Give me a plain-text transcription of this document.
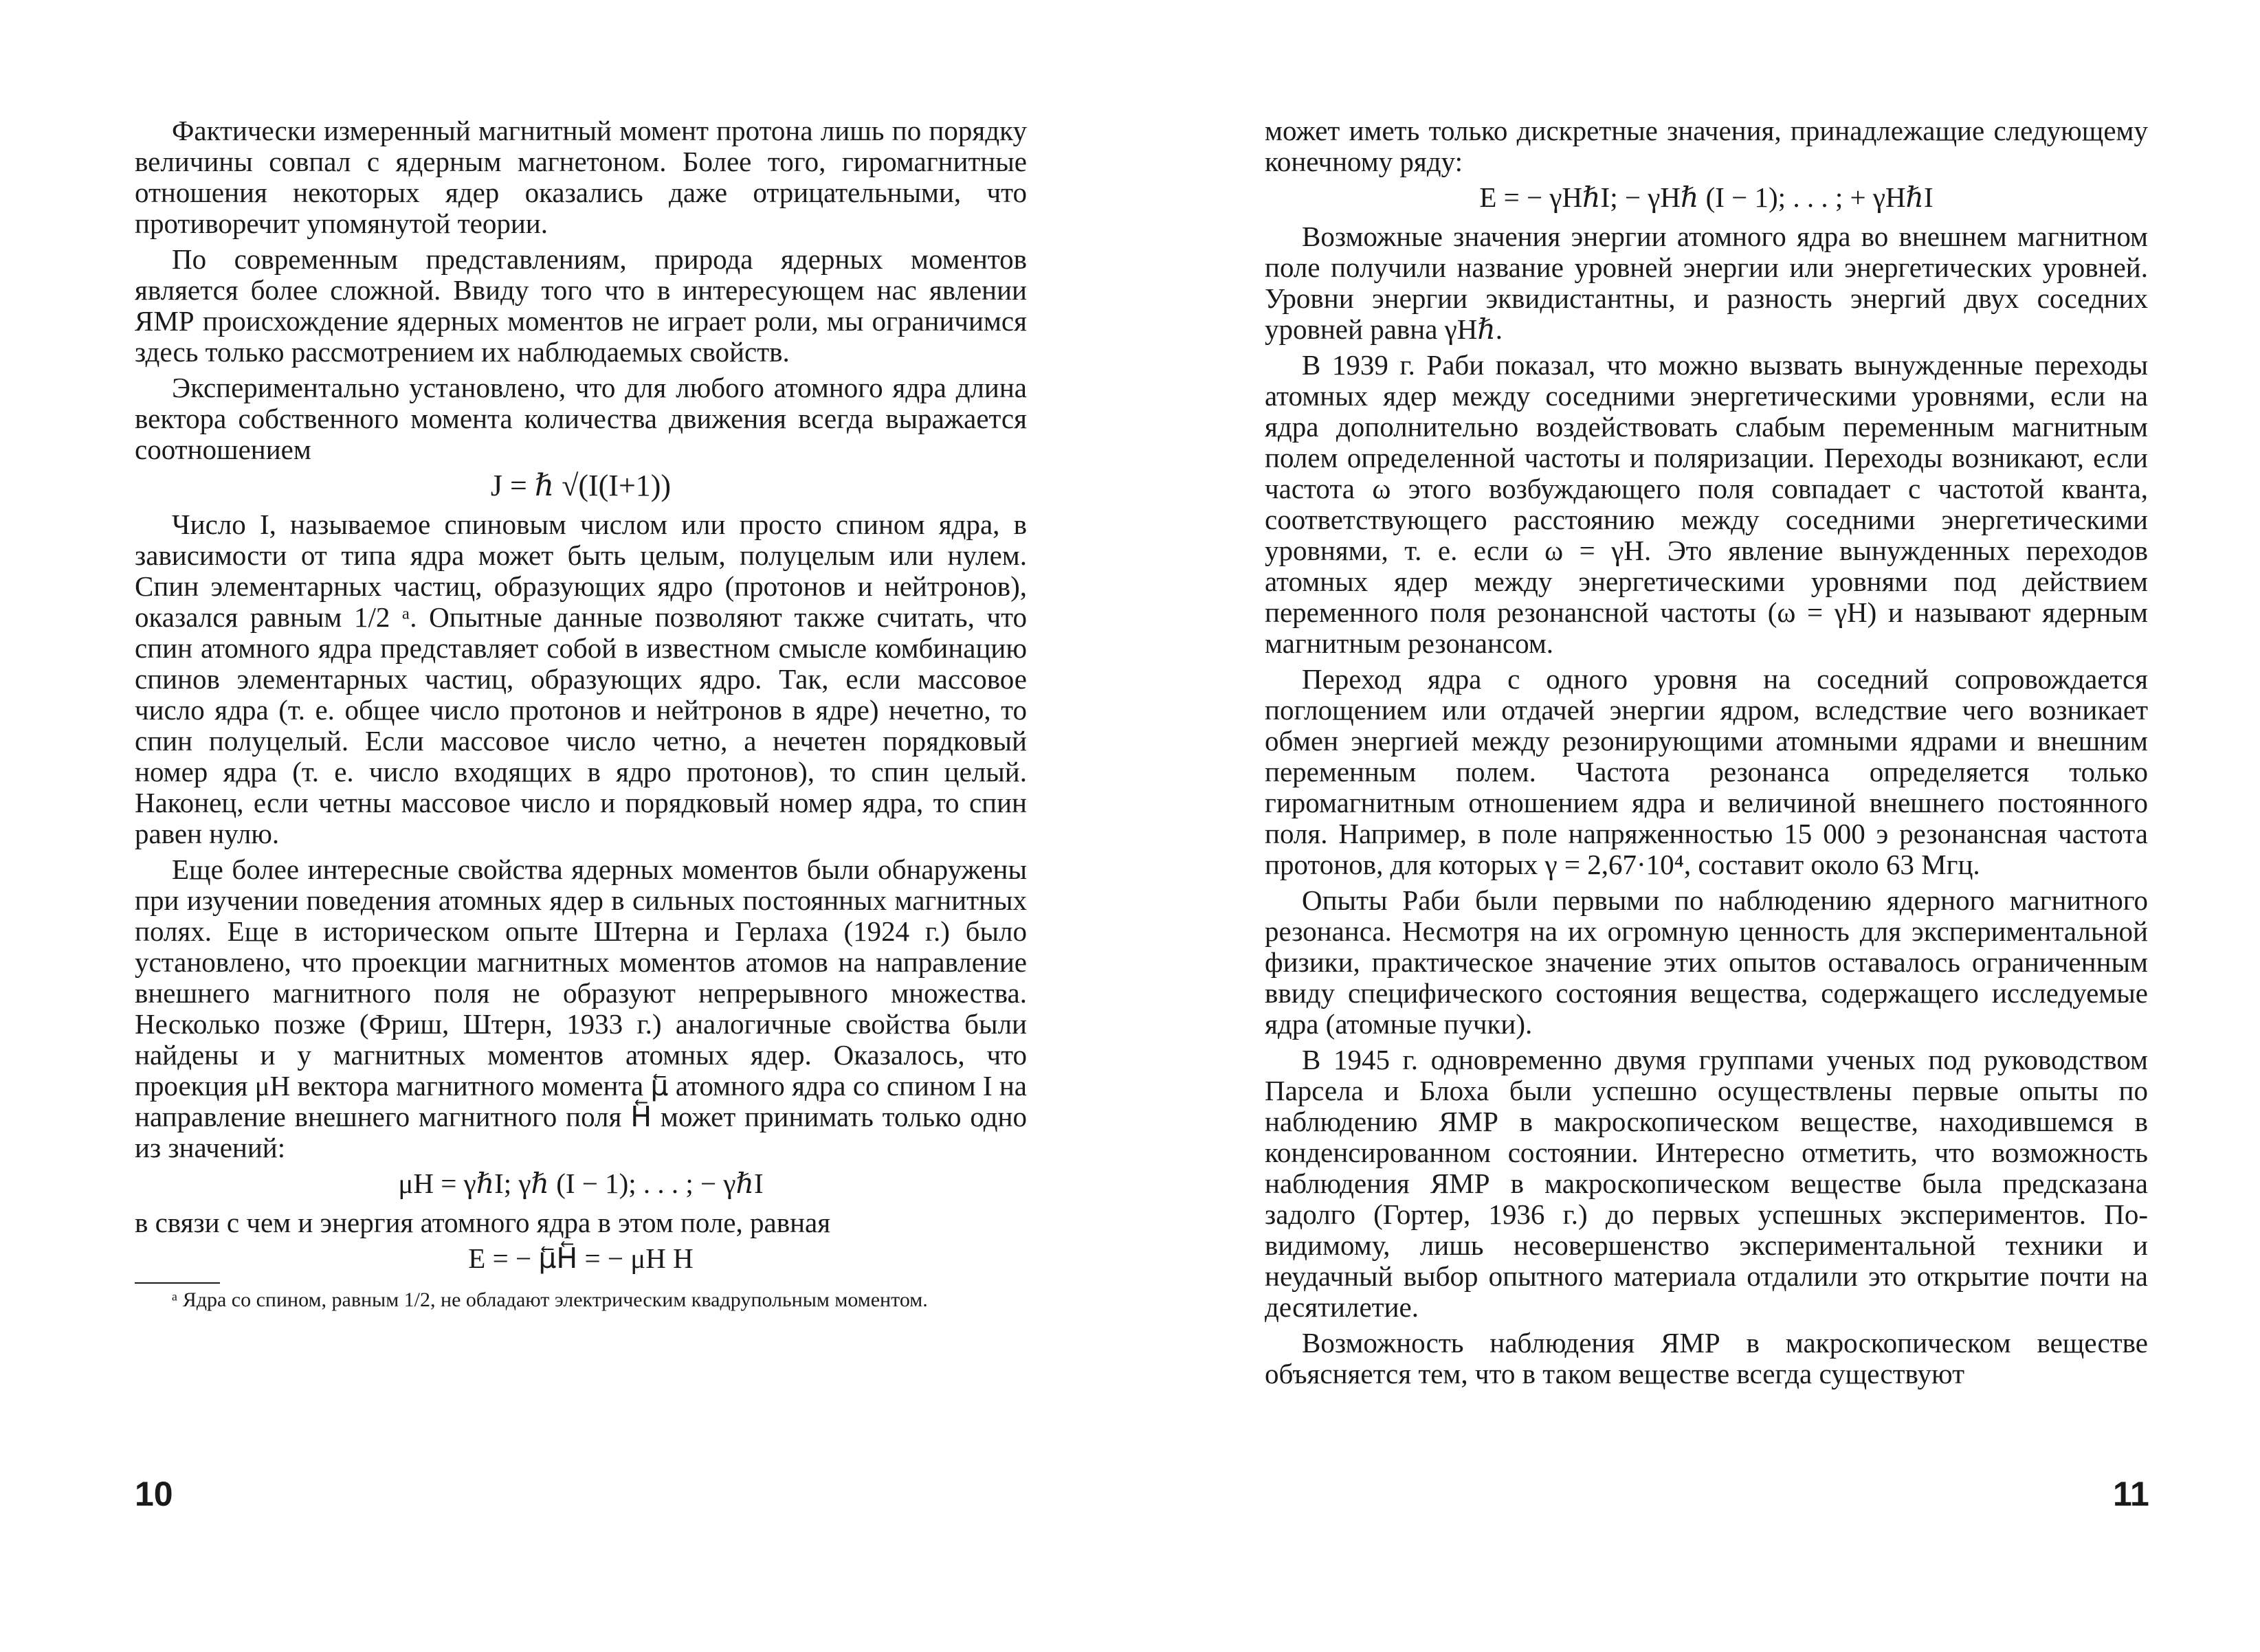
Фактически измеренный магнитный момент протона лишь по порядку величины совпал с ядерным магнетоном. Более того, гиромагнитные отношения некоторых ядер оказались даже отрицательными, что противоречит упомянутой теории.

По современным представлениям, природа ядерных моментов является более сложной. Ввиду того что в интересующем нас явлении ЯМР происхождение ядерных моментов не играет роли, мы ограничимся здесь только рассмотрением их наблюдаемых свойств.

Экспериментально установлено, что для любого атомного ядра длина вектора собственного момента количества движения всегда выражается соотношением

J = ℏ √(I(I+1))

Число I, называемое спиновым числом или просто спином ядра, в зависимости от типа ядра может быть целым, полуцелым или нулем. Спин элементарных частиц, образующих ядро (протонов и нейтронов), оказался равным 1/2 ᵃ. Опытные данные позволяют также считать, что спин атомного ядра представляет собой в известном смысле комбинацию спинов элементарных частиц, образующих ядро. Так, если массовое число ядра (т. е. общее число протонов и нейтронов в ядре) нечетно, то спин полуцелый. Если массовое число четно, а нечетен порядковый номер ядра (т. е. число входящих в ядро протонов), то спин целый. Наконец, если четны массовое число и порядковый номер ядра, то спин равен нулю.

Еще более интересные свойства ядерных моментов были обнаружены при изучении поведения атомных ядер в сильных постоянных магнитных полях. Еще в историческом опыте Штерна и Герлаха (1924 г.) было установлено, что проекции магнитных моментов атомов на направление внешнего магнитного поля не образуют непрерывного множества. Несколько позже (Фриш, Штерн, 1933 г.) аналогичные свойства были найдены и у магнитных моментов атомных ядер. Оказалось, что проекция μH вектора магнитного момента μ⃖ атомного ядра со спином I на направление внешнего магнитного поля H⃖ может принимать только одно из значений:

μH = γℏI; γℏ (I − 1); . . . ; − γℏI

в связи с чем и энергия атомного ядра в этом поле, равная

E = − μ⃖H⃖ = − μH H

ᵃ Ядра со спином, равным 1/2, не обладают электрическим квадрупольным моментом.

10

может иметь только дискретные значения, принадлежащие следующему конечному ряду:

E = − γHℏI; − γHℏ (I − 1); . . . ; + γHℏI

Возможные значения энергии атомного ядра во внешнем магнитном поле получили название уровней энергии или энергетических уровней. Уровни энергии эквидистантны, и разность энергий двух соседних уровней равна γHℏ.

В 1939 г. Раби показал, что можно вызвать вынужденные переходы атомных ядер между соседними энергетическими уровнями, если на ядра дополнительно воздействовать слабым переменным магнитным полем определенной частоты и поляризации. Переходы возникают, если частота ω этого возбуждающего поля совпадает с частотой кванта, соответствующего расстоянию между соседними энергетическими уровнями, т. е. если ω = γH. Это явление вынужденных переходов атомных ядер между энергетическими уровнями под действием переменного поля резонансной частоты (ω = γH) и называют ядерным магнитным резонансом.

Переход ядра с одного уровня на соседний сопровождается поглощением или отдачей энергии ядром, вследствие чего возникает обмен энергией между резонирующими атомными ядрами и внешним переменным полем. Частота резонанса определяется только гиромагнитным отношением ядра и величиной внешнего постоянного поля. Например, в поле напряженностью 15 000 э резонансная частота протонов, для которых γ = 2,67·10⁴, составит около 63 Мгц.

Опыты Раби были первыми по наблюдению ядерного магнитного резонанса. Несмотря на их огромную ценность для экспериментальной физики, практическое значение этих опытов оставалось ограниченным ввиду специфического состояния вещества, содержащего исследуемые ядра (атомные пучки).

В 1945 г. одновременно двумя группами ученых под руководством Парсела и Блоха были успешно осуществлены первые опыты по наблюдению ЯМР в макроскопическом веществе, находившемся в конденсированном состоянии. Интересно отметить, что возможность наблюдения ЯМР в макроскопическом веществе была предсказана задолго (Гортер, 1936 г.) до первых успешных экспериментов. По-видимому, лишь несовершенство экспериментальной техники и неудачный выбор опытного материала отдалили это открытие почти на десятилетие.

Возможность наблюдения ЯМР в макроскопическом веществе объясняется тем, что в таком веществе всегда существуют

11
